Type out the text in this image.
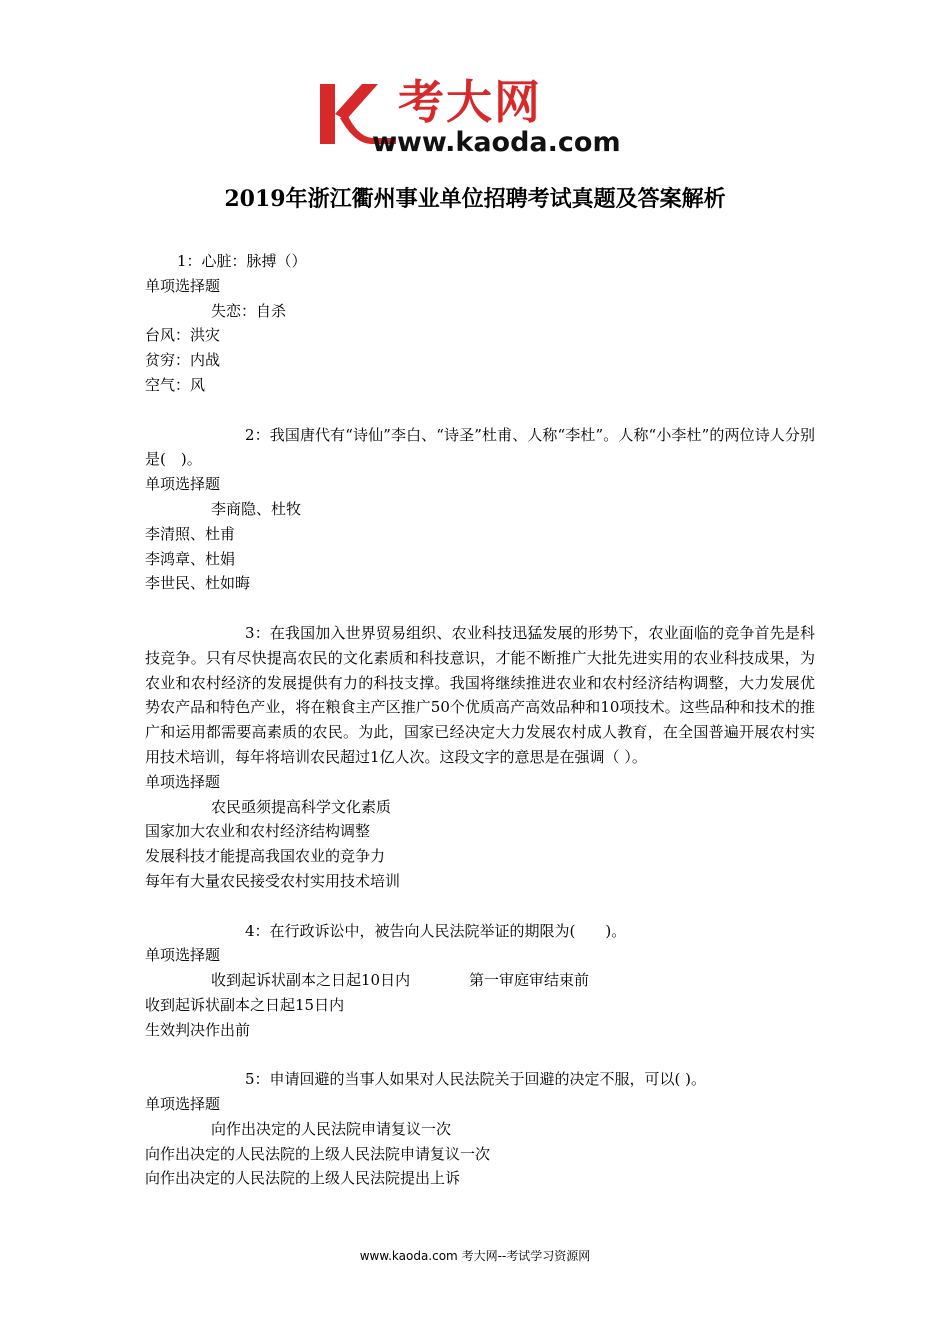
考大网
www.kaoda.com
2019年浙江衢州事业单位招聘考试真题及答案解析
1：心脏：脉搏（）
单项选择题
失恋：自杀
台风：洪灾
贫穷：内战
空气：风
2：我国唐代有“诗仙”李白、“诗圣”杜甫、人称“李杜”。人称“小李杜”的两位诗人分别是(　)。
单项选择题
李商隐、杜牧
李清照、杜甫
李鸿章、杜娟
李世民、杜如晦
3：在我国加入世界贸易组织、农业科技迅猛发展的形势下，农业面临的竞争首先是科技竞争。只有尽快提高农民的文化素质和科技意识，才能不断推广大批先进实用的农业科技成果，为农业和农村经济的发展提供有力的科技支撑。我国将继续推进农业和农村经济结构调整，大力发展优势农产品和特色产业，将在粮食主产区推广50个优质高产高效品种和10项技术。这些品种和技术的推广和运用都需要高素质的农民。为此，国家已经决定大力发展农村成人教育，在全国普遍开展农村实用技术培训，每年将培训农民超过1亿人次。这段文字的意思是在强调（ ）。
单项选择题
农民亟须提高科学文化素质
国家加大农业和农村经济结构调整
发展科技才能提高我国农业的竞争力
每年有大量农民接受农村实用技术培训
4：在行政诉讼中，被告向人民法院举证的期限为(　　)。
单项选择题
收到起诉状副本之日起10日内	第一审庭审结束前
收到起诉状副本之日起15日内
生效判决作出前
5：申请回避的当事人如果对人民法院关于回避的决定不服，可以( )。
单项选择题
向作出决定的人民法院申请复议一次
向作出决定的人民法院的上级人民法院申请复议一次
向作出决定的人民法院的上级人民法院提出上诉
www.kaoda.com 考大网--考试学习资源网
